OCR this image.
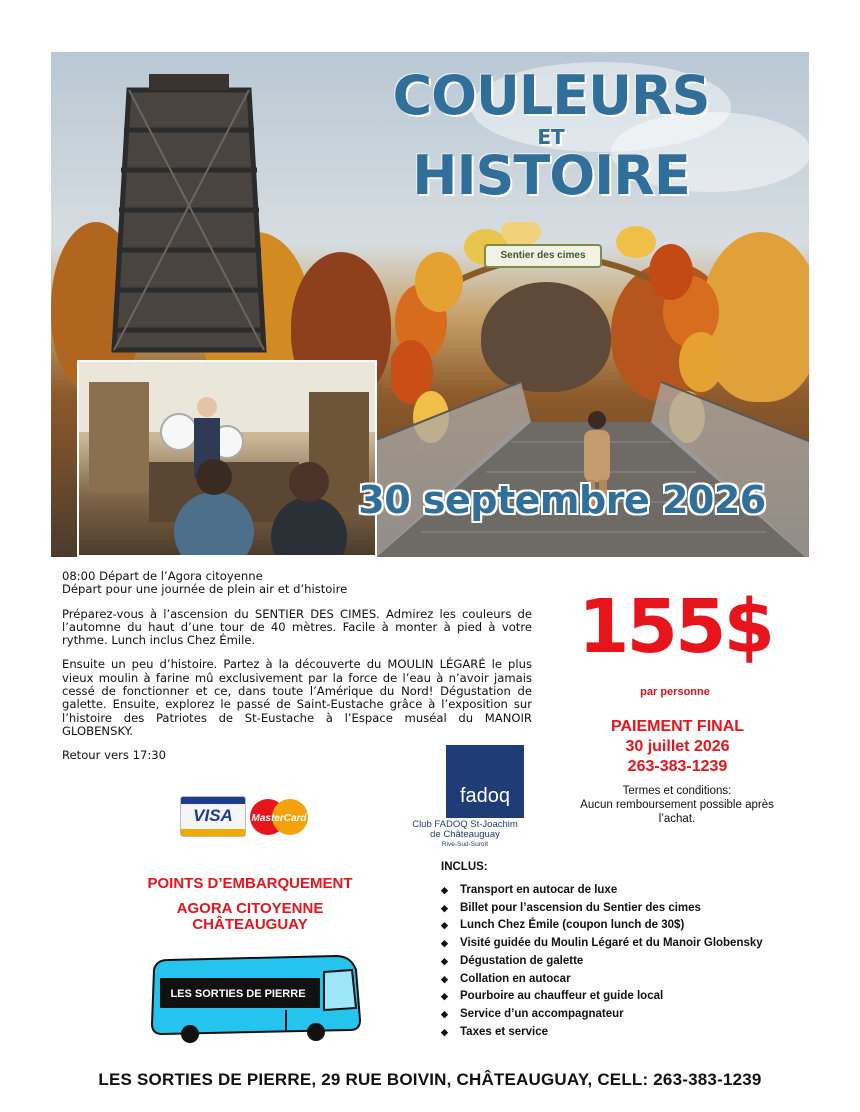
COULEURS
ET
HISTOIRE
Sentier des cimes
30 septembre 2026

08:00 Départ de l’Agora citoyenne

Départ pour une journée de plein air et d’histoire

Préparez-vous à l’ascension du SENTIER DES CIMES. Admirez les couleurs de l’automne du haut d’une tour de 40 mètres. Facile à monter à pied à votre rythme. Lunch inclus Chez Émile.

Ensuite un peu d’histoire. Partez à la découverte du MOULIN LÉGARÉ le plus vieux moulin à farine mû exclusivement par la force de l’eau à n’avoir jamais cessé de fonctionner et ce, dans toute l’Amérique du Nord! Dégustation de galette. Ensuite, explorez le passé de Saint-Eustache grâce à l’exposition sur l’histoire des Patriotes de St-Eustache à l’Espace muséal du MANOIR GLOBENSKY.

Retour vers 17:30

155$
par personne
PAIEMENT FINAL
30 juillet 2026
263-383-1239
Termes et conditions:
Aucun remboursement possible après
l’achat.
VISA	MasterCard
fadoq
Club FADOQ St-Joachim
de Châteauguay
Rive-Sud-Suroît
POINTS D’EMBARQUEMENT
AGORA CITOYENNE
CHÂTEAUGUAY
LES SORTIES DE PIERRE
INCLUS:
◆ Transport en autocar de luxe
◆ Billet pour l’ascension du Sentier des cimes
◆ Lunch Chez Émile (coupon lunch de 30$)
◆ Visité guidée du Moulin Légaré et du Manoir Globensky
◆ Dégustation de galette
◆ Collation en autocar
◆ Pourboire au chauffeur et guide local
◆ Service d’un accompagnateur
◆ Taxes et service
LES SORTIES DE PIERRE, 29 RUE BOIVIN, CHÂTEAUGUAY, CELL: 263-383-1239
